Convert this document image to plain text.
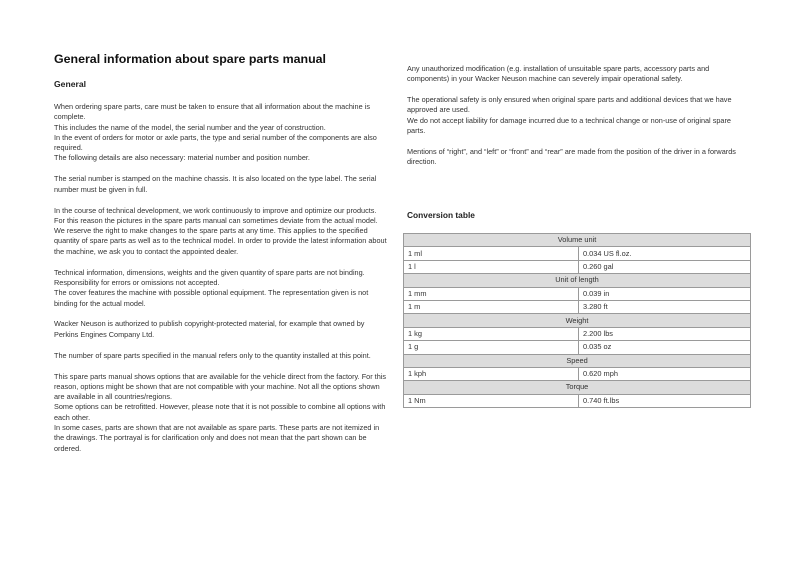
General information about spare parts manual
General

When ordering spare parts, care must be taken to ensure that all information about the machine is complete.
This includes the name of the model, the serial number and the year of construction.
In the event of orders for motor or axle parts, the type and serial number of the components are also required.
The following details are also necessary: material number and position number.

The serial number is stamped on the machine chassis. It is also located on the type label. The serial number must be given in full.

In the course of technical development, we work continuously to improve and optimize our products. For this reason the pictures in the spare parts manual can sometimes deviate from the actual model.
We reserve the right to make changes to the spare parts at any time. This applies to the specified quantity of spare parts as well as to the technical model. In order to provide the latest information about the machine, we ask you to contact the appointed dealer.

Technical information, dimensions, weights and the given quantity of spare parts are not binding. Responsibility for errors or omissions not accepted.
The cover features the machine with possible optional equipment. The representation given is not binding for the actual model.

Wacker Neuson is authorized to publish copyright-protected material, for example that owned by Perkins Engines Company Ltd.

The number of spare parts specified in the manual refers only to the quantity installed at this point.

This spare parts manual shows options that are available for the vehicle direct from the factory. For this reason, options might be shown that are not compatible with your machine. Not all the options shown are available in all countries/regions.
Some options can be retrofitted. However, please note that it is not possible to combine all options with each other.
In some cases, parts are shown that are not available as spare parts. These parts are not itemized in the drawings. The portrayal is for clarification only and does not mean that the part shown can be ordered.

Any unauthorized modification (e.g. installation of unsuitable spare parts, accessory parts and components) in your Wacker Neuson machine can severely impair operational safety.

The operational safety is only ensured when original spare parts and additional devices that we have approved are used.
We do not accept liability for damage incurred due to a technical change or non-use of original spare parts.

Mentions of “right”, and “left” or “front” and “rear” are made from the position of the driver in a forwards direction.

Conversion table
Volume unit	
1 ml	0.034 US fl.oz.
1 l	0.260 gal
Unit of length	
1 mm	0.039 in
1 m	3.280 ft
Weight	
1 kg	2.200 lbs
1 g	0.035 oz
Speed	
1 kph	0.620 mph
Torque	
1 Nm	0.740 ft.lbs
